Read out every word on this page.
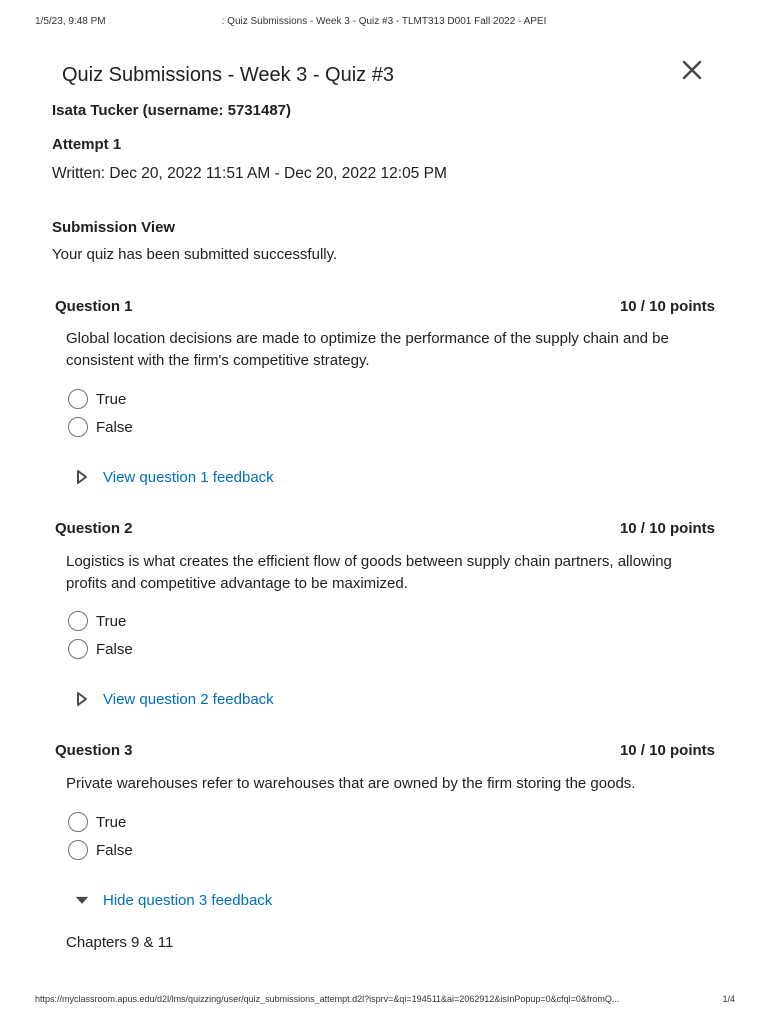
1/5/23, 9:48 PM	: Quiz Submissions - Week 3 - Quiz #3 - TLMT313 D001 Fall 2022 - APEI
Quiz Submissions - Week 3 - Quiz #3
Isata Tucker (username: 5731487)
Attempt 1
Written: Dec 20, 2022 11:51 AM - Dec 20, 2022 12:05 PM
Submission View
Your quiz has been submitted successfully.
Question 1	10 / 10 points
Global location decisions are made to optimize the performance of the supply chain and be consistent with the firm's competitive strategy.
True
False
View question 1 feedback
Question 2	10 / 10 points
Logistics is what creates the efficient flow of goods between supply chain partners, allowing profits and competitive advantage to be maximized.
True
False
View question 2 feedback
Question 3	10 / 10 points
Private warehouses refer to warehouses that are owned by the firm storing the goods.
True
False
Hide question 3 feedback
Chapters 9 & 11
https://myclassroom.apus.edu/d2l/lms/quizzing/user/quiz_submissions_attempt.d2l?isprv=&qi=194511&ai=2062912&isInPopup=0&cfql=0&fromQ...	1/4
